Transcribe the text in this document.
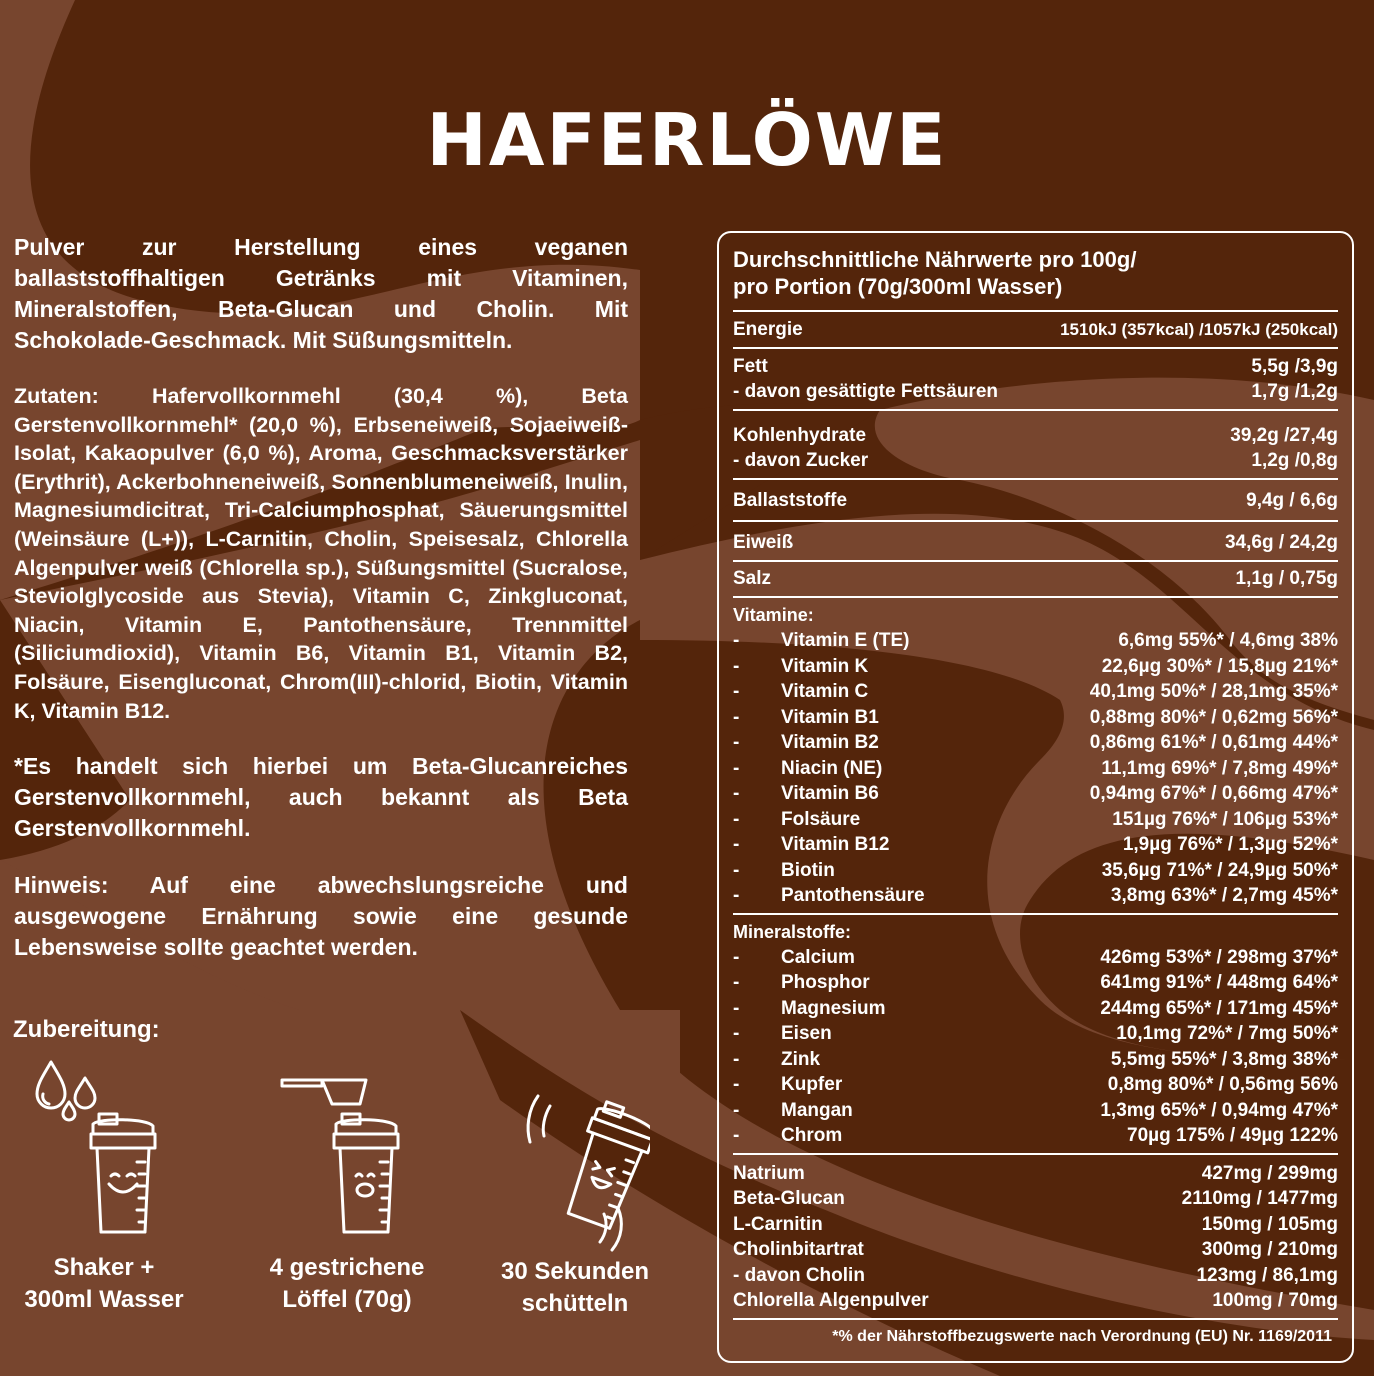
HAFERLÖWE

Pulver zur Herstellung eines veganen ballaststoffhaltigen Getränks mit Vitaminen, Mineralstoffen, Beta-Glucan und Cholin. Mit Schokolade-Geschmack. Mit Süßungsmitteln.

Zutaten: Hafervollkornmehl (30,4 %), Beta Gerstenvollkornmehl* (20,0 %), Erbseneiweiß, Sojaeiweiß-Isolat, Kakaopulver (6,0 %), Aroma, Geschmacksverstärker (Erythrit), Ackerbohneneiweiß, Sonnenblumeneiweiß, Inulin, Magnesiumdicitrat, Tri-Calciumphosphat, Säuerungsmittel (Weinsäure (L+)), L-Carnitin, Cholin, Speisesalz, Chlorella Algenpulver weiß (Chlorella sp.), Süßungsmittel (Sucralose, Steviolglycoside aus Stevia), Vitamin C, Zinkgluconat, Niacin, Vitamin E, Pantothensäure, Trennmittel (Siliciumdioxid), Vitamin B6, Vitamin B1, Vitamin B2, Folsäure, Eisengluconat, Chrom(III)-chlorid, Biotin, Vitamin K, Vitamin B12.

*Es handelt sich hierbei um Beta-Glucanreiches Gerstenvollkornmehl, auch bekannt als Beta Gerstenvollkornmehl.

Hinweis: Auf eine abwechslungsreiche und ausgewogene Ernährung sowie eine gesunde Lebensweise sollte geachtet werden.

Zubereitung:
Shaker +
300ml Wasser
4 gestrichene
Löffel (70g)
30 Sekunden
schütteln
Durchschnittliche Nährwerte pro 100g/
pro Portion (70g/300ml Wasser)
Energie	1510kJ (357kcal) /1057kJ (250kcal)
Fett	5,5g /3,9g
- davon gesättigte Fettsäuren	1,7g /1,2g
Kohlenhydrate	39,2g /27,4g
- davon Zucker	1,2g /0,8g
Ballaststoffe	9,4g / 6,6g
Eiweiß	34,6g / 24,2g
Salz	1,1g / 0,75g
Vitamine:
-	Vitamin E (TE)	6,6mg 55%* / 4,6mg 38%
-	Vitamin K	22,6µg 30%* / 15,8µg 21%*
-	Vitamin C	40,1mg 50%* / 28,1mg 35%*
-	Vitamin B1	0,88mg 80%* / 0,62mg 56%*
-	Vitamin B2	0,86mg 61%* / 0,61mg 44%*
-	Niacin (NE)	11,1mg 69%* / 7,8mg 49%*
-	Vitamin B6	0,94mg 67%* / 0,66mg 47%*
-	Folsäure	151µg 76%* / 106µg 53%*
-	Vitamin B12	1,9µg 76%* / 1,3µg 52%*
-	Biotin	35,6µg 71%* / 24,9µg 50%*
-	Pantothensäure	3,8mg 63%* / 2,7mg 45%*
Mineralstoffe:
-	Calcium	426mg 53%* / 298mg 37%*
-	Phosphor	641mg 91%* / 448mg 64%*
-	Magnesium	244mg 65%* / 171mg 45%*
-	Eisen	10,1mg 72%* / 7mg 50%*
-	Zink	5,5mg 55%* / 3,8mg 38%*
-	Kupfer	0,8mg 80%* / 0,56mg 56%
-	Mangan	1,3mg 65%* / 0,94mg 47%*
-	Chrom	70µg 175% / 49µg 122%
Natrium	427mg / 299mg
Beta-Glucan	2110mg / 1477mg
L-Carnitin	150mg / 105mg
Cholinbitartrat	300mg / 210mg
- davon Cholin	123mg / 86,1mg
Chlorella Algenpulver	100mg / 70mg
*% der Nährstoffbezugswerte nach Verordnung (EU) Nr. 1169/2011
